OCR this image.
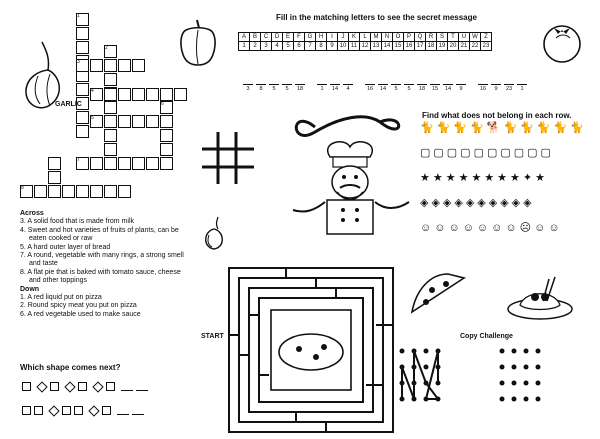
Fill in the matching letters to see the secret message
A	B	C	D	E	F	G	H	I	J	K	L	M	N	O	P	Q	R	S	T	U	W	Z
1	2	3	4	5	6	7	8	9	10	11	12	13	14	15	16	17	18	19	20	21	22	23
3 8 5 5 18	1 14 4	16 14 5 5 18 15 14 9	16 9 23 1
1
2
3
4
5
6
7
8
GARLIC
Across
3. A solid food that is made from milk
4. Sweet and hot varieties of fruits of plants, can be
eaten cooked or raw
5. A hard outer layer of bread
7. A round, vegetable with many rings, a strong smell
and taste
8. A flat pie that is baked with tomato sauce, cheese
and other toppings
Down
1. A red liquid put on pizza
2. Round spicy meat you put on pizza
6. A red vegetable used to make sauce
Find what does not belong in each row.
🐈🐈🐈🐈🐕🐈🐈🐈🐈🐈
▢▢▢▢▢▢▢▢▢▢
★★★★★★★★✦★
◈◈◈◈◈◈◈◈◈◈
☺☺☺☺☺☺☺☹☺☺
START	Copy Challenge
Which shape comes next?
